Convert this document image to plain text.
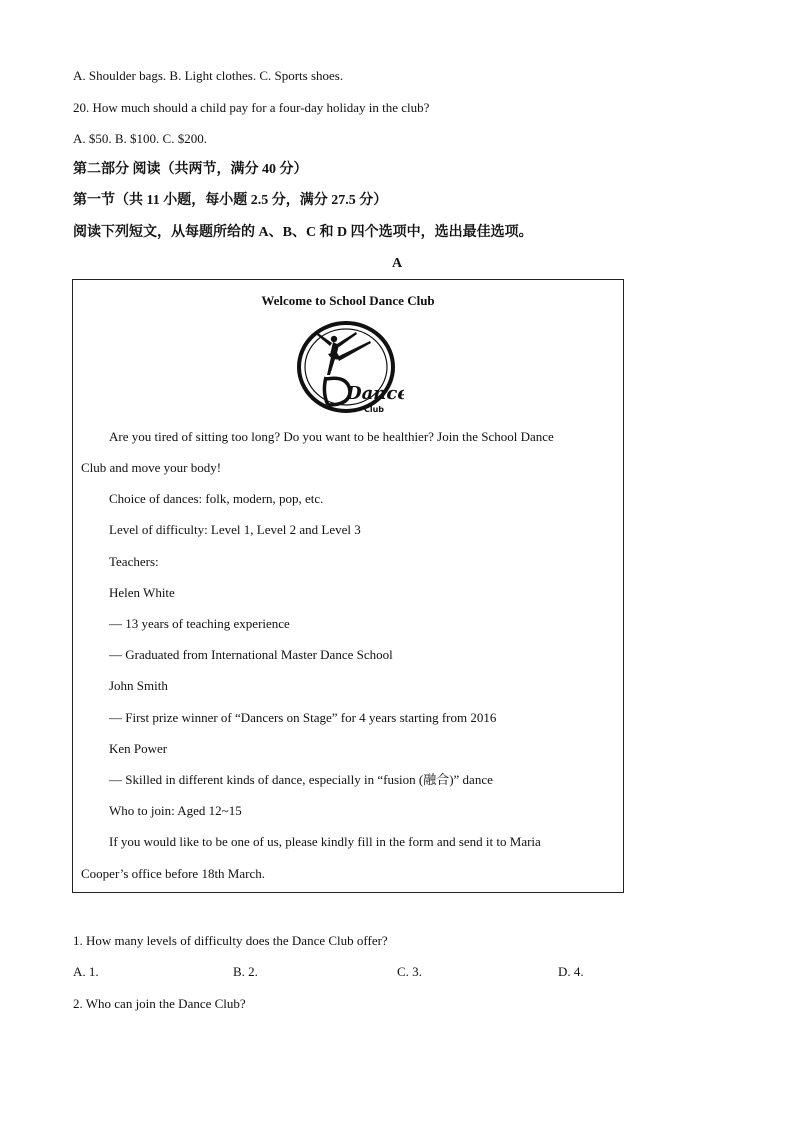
A. Shoulder bags. B. Light clothes. C. Sports shoes.
20. How much should a child pay for a four-day holiday in the club?
A. $50. B. $100. C. $200.
第二部分 阅读（共两节，满分 40 分）
第一节（共 11 小题，每小题 2.5 分，满分 27.5 分）
阅读下列短文，从每题所给的 A、B、C 和 D 四个选项中，选出最佳选项。
A
Welcome to School Dance Club
Dance
Club
Are you tired of sitting too long? Do you want to be healthier? Join the School Dance
Club and move your body!
Choice of dances: folk, modern, pop, etc.
Level of difficulty: Level 1, Level 2 and Level 3
Teachers:
Helen White
— 13 years of teaching experience
— Graduated from International Master Dance School
John Smith
— First prize winner of “Dancers on Stage” for 4 years starting from 2016
Ken Power
— Skilled in different kinds of dance, especially in “fusion (融合)” dance
Who to join: Aged 12~15
If you would like to be one of us, please kindly fill in the form and send it to Maria
Cooper’s office before 18th March.
1. How many levels of difficulty does the Dance Club offer?
A. 1.	B. 2.	C. 3.	D. 4.
2. Who can join the Dance Club?
